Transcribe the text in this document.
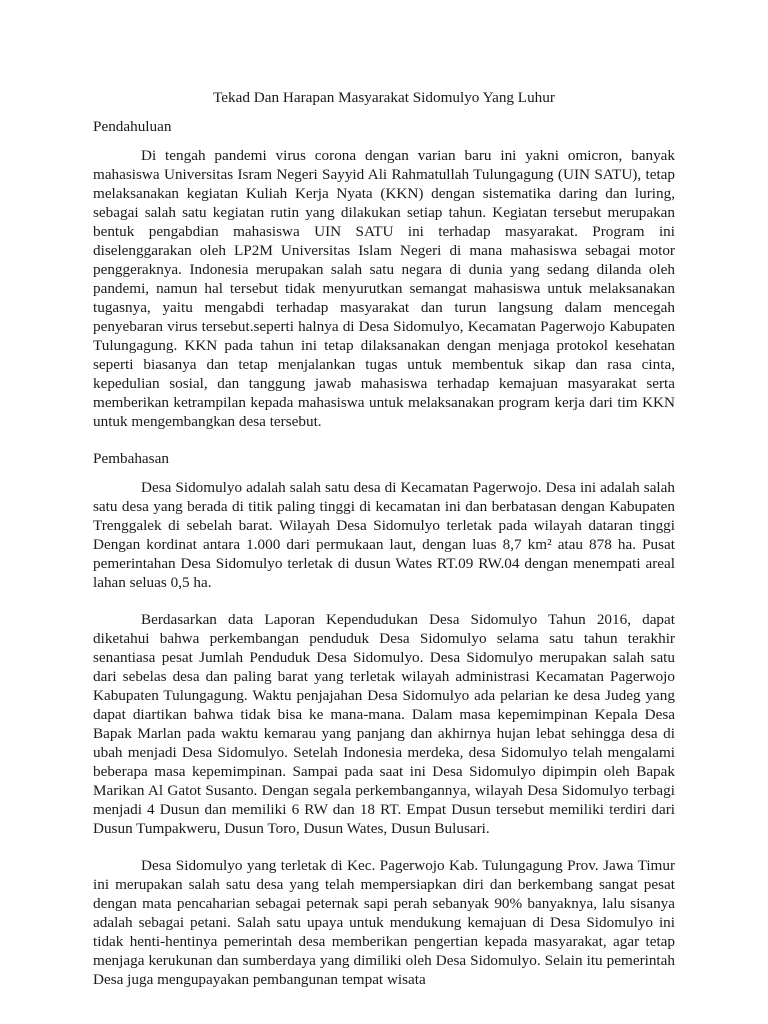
Tekad Dan Harapan Masyarakat Sidomulyo Yang Luhur
Pendahuluan

Di tengah pandemi virus corona dengan varian baru ini yakni omicron, banyak mahasiswa Universitas Isram Negeri Sayyid Ali Rahmatullah Tulungagung (UIN SATU), tetap melaksanakan kegiatan Kuliah Kerja Nyata (KKN) dengan sistematika daring dan luring, sebagai salah satu kegiatan rutin yang dilakukan setiap tahun. Kegiatan tersebut merupakan bentuk pengabdian mahasiswa UIN SATU ini terhadap masyarakat. Program ini diselenggarakan oleh LP2M Universitas Islam Negeri di mana mahasiswa sebagai motor penggeraknya. Indonesia merupakan salah satu negara di dunia yang sedang dilanda oleh pandemi, namun hal tersebut tidak menyurutkan semangat mahasiswa untuk melaksanakan tugasnya, yaitu mengabdi terhadap masyarakat dan turun langsung dalam mencegah penyebaran virus tersebut.seperti halnya di Desa Sidomulyo, Kecamatan Pagerwojo Kabupaten Tulungagung. KKN pada tahun ini tetap dilaksanakan dengan menjaga protokol kesehatan seperti biasanya dan tetap menjalankan tugas untuk membentuk sikap dan rasa cinta, kepedulian sosial, dan tanggung jawab mahasiswa terhadap kemajuan masyarakat serta memberikan ketrampilan kepada mahasiswa untuk melaksanakan program kerja dari tim KKN untuk mengembangkan desa tersebut.

Pembahasan

Desa Sidomulyo adalah salah satu desa di Kecamatan Pagerwojo. Desa ini adalah salah satu desa yang berada di titik paling tinggi di kecamatan ini dan berbatasan dengan Kabupaten Trenggalek di sebelah barat. Wilayah Desa Sidomulyo terletak pada wilayah dataran tinggi Dengan kordinat antara 1.000 dari permukaan laut, dengan luas 8,7 km² atau 878 ha. Pusat pemerintahan Desa Sidomulyo terletak di dusun Wates RT.09 RW.04 dengan menempati areal lahan seluas 0,5 ha.

Berdasarkan data Laporan Kependudukan Desa Sidomulyo Tahun 2016, dapat diketahui bahwa perkembangan penduduk Desa Sidomulyo selama satu tahun terakhir senantiasa pesat Jumlah Penduduk Desa Sidomulyo. Desa Sidomulyo merupakan salah satu dari sebelas desa dan paling barat yang terletak wilayah administrasi Kecamatan Pagerwojo Kabupaten Tulungagung. Waktu penjajahan Desa Sidomulyo ada pelarian ke desa Judeg yang dapat diartikan bahwa tidak bisa ke mana-mana. Dalam masa kepemimpinan Kepala Desa Bapak Marlan pada waktu kemarau yang panjang dan akhirnya hujan lebat sehingga desa di ubah menjadi Desa Sidomulyo. Setelah Indonesia merdeka, desa Sidomulyo telah mengalami beberapa masa kepemimpinan. Sampai pada saat ini Desa Sidomulyo dipimpin oleh Bapak Marikan Al Gatot Susanto. Dengan segala perkembangannya, wilayah Desa Sidomulyo terbagi menjadi 4 Dusun dan memiliki 6 RW dan 18 RT. Empat Dusun tersebut memiliki terdiri dari Dusun Tumpakweru, Dusun Toro, Dusun Wates, Dusun Bulusari.

Desa Sidomulyo yang terletak di Kec. Pagerwojo Kab. Tulungagung Prov. Jawa Timur ini merupakan salah satu desa yang telah mempersiapkan diri dan berkembang sangat pesat dengan mata pencaharian sebagai peternak sapi perah sebanyak 90% banyaknya, lalu sisanya adalah sebagai petani. Salah satu upaya untuk mendukung kemajuan di Desa Sidomulyo ini tidak henti-hentinya pemerintah desa memberikan pengertian kepada masyarakat, agar tetap menjaga kerukunan dan sumberdaya yang dimiliki oleh Desa Sidomulyo. Selain itu pemerintah Desa juga mengupayakan pembangunan tempat wisata
